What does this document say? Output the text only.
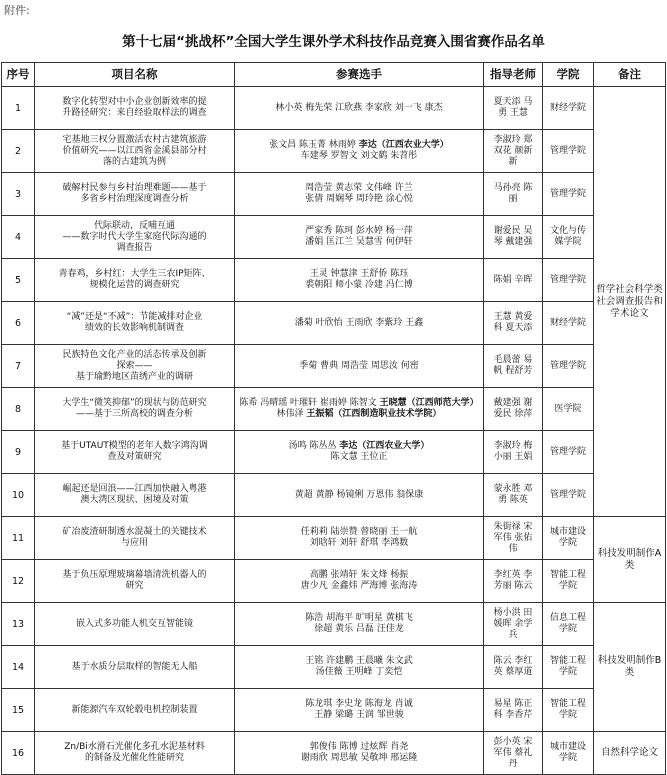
附件:
第十七届“挑战杯”全国大学生课外学术科技作品竞赛入围省赛作品名单
序号	项目名称	参赛选手	指导老师	学院	备注
1	数字化转型对中小企业创新效率的提
升路径研究：来自经验取样法的调查	林小英 梅先荣 江欣燕 李家欣 刘一飞 康杰	夏天添 马
勇 王慧	财经学院	哲学社会科学类社会调查报告和学术论文
2	宅基地三权分置激活农村古建筑旅游
价值研究——以江西省金溪县部分村
落的古建筑为例	张文昌 陈玉菁 林雨婷 李达（江西农业大学）
车建琴 罗智文 刘文鹤 朱苕彤	李淑玲 郑
双花 颜新
新	管理学院	

3	破解村民参与乡村治理难题——基于
多省乡村治理深度调查分析	周浩莹 黄志荣 文伟峰 许兰
张倩 周娴琴 周玲艳 涂心悦	马孙亮 陈
丽	管理学院	

4	代际联动，反哺互通
——数字时代大学生家庭代际沟通的
调查报告	严家秀 陈珂 彭水婷 杨一萍
潘娟 匡江兰 吴慧雪 何伊轩	谢爱民 吴
琴 戴建强	文化与传
媒学院	

5	青春鸡，乡村红：大学生三农IP矩阵、
规模化运营的调查研究	王灵 钟慧津 王舒侨 陈珏
裘朝阳 师小蒙 冷建 冯仁博	陈娟 辛晖	管理学院	

6	“减”还是“不减”：节能减排对企业
绩效的长效影响机制调查	潘菊 叶欣怡 王雨欣 李紫玲 王鑫	王慧 黄爱
科 夏天添	财经学院	

7	民族特色文化产业的活态传承及创新
探索——
基于瑜黔地区苗绣产业的调研	季菊 曹典 周浩莹 周思汝 何密	毛晨蕾 易
帆 程舒芳	管理学院	

8	大学生“微笑抑郁”的现状与防范研究
——基于三所高校的调查分析	陈希 冯晴瑶 叶璀轩 崔雨婷 陈智文 王晓慧（江西师范大学） 林伟泽 王振韬（江西制造职业技术学院）	戴建强 谢
爱民 徐萍	医学院	

9	基于UTAUT模型的老年人数字鸿沟调
查及对策研究	汤鸣 陈丛丛 李达（江西农业大学）
陈文慧 王位正	李淑玲 梅
小丽 王娟	管理学院	

10	崛起还是回浪——江西加快融入粤港
澳大湾区现状、困境及对策	黄超 黄静 杨镜俐 万恩伟 翁保康	蒙永胜 邓
勇 陈英	管理学院	

11	矿冶废渣研制透水混凝土的关键技术
与应用	任莉莉 陆崇赞 曾晓丽 王一航
刘晗轩 刘轩 舒琪 李鸿数	朱街禄 宋
军伟 张佑
伟	城市建设
学院	科技发明制作A类
12	基于负压原理玻璃幕墙清洗机器人的
研究	高鹏 张靖轩 朱文烽 杨振
唐少凡 金鑫炜 严海博 张海涛	李红英 李
芳丽 陈云	智能工程
学院	

13	嵌入式多功能人机交互智能镜	陈浩 胡海平 旷明星 黄棋飞
徐超 黄乐 吕磊 汪佳龙	杨小洪 田
媛晖 余学
兵	信息工程
学院	科技发明制作B类
14	基于水质分层取样的智能无人船	王铭 许建鹏 王晨曦 朱文武
汤佳薇 王明峰 丁奕恺	陈云 李红
英 蔡厚道	智能工程
学院	

15	新能源汽车双轮毂电机控制装置	陈龙琪 李史龙 陈海龙 肖诚
王静 梁璐 王润 邹世骏	易星 陈正
科 李香芹	智能工程
学院	

16	Zn/Bi水滑石光催化多孔水泥基材料
的制备及光催化性能研究	郭俊伟 陈博 过炫辉 肖尧
谢雨欣 周思敏 吴敬坤 邢运隆	彭小英 宋
军伟 蔡礼
丹	城市建设
学院	自然科学论文
